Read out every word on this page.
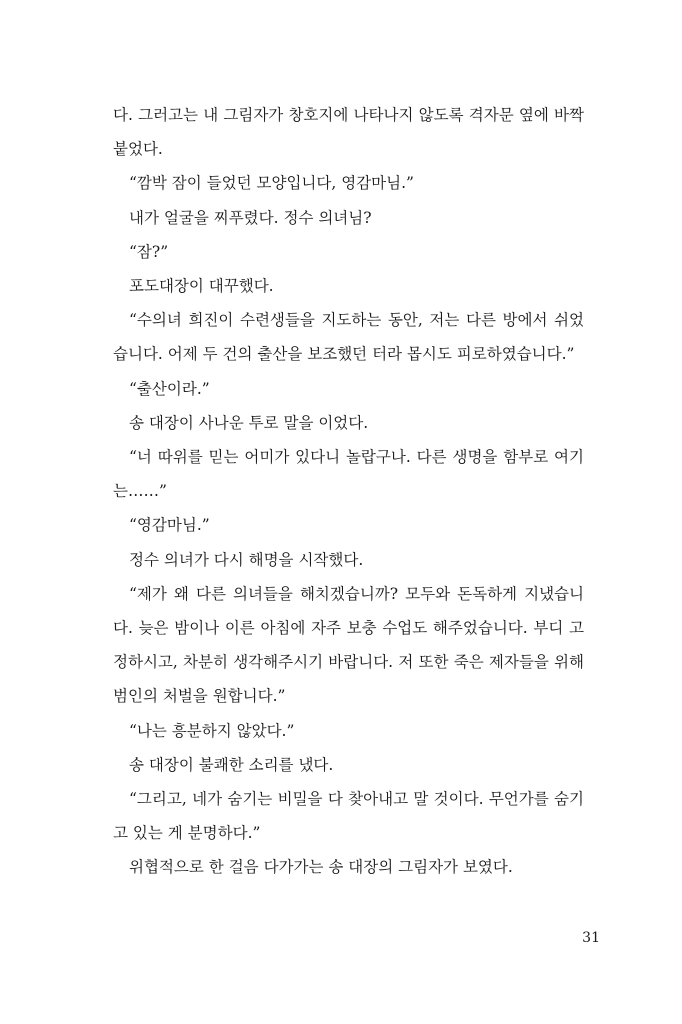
다. 그러고는 내 그림자가 창호지에 나타나지 않도록 격자문 옆에 바짝 붙었다.

“깜박 잠이 들었던 모양입니다, 영감마님.”

내가 얼굴을 찌푸렸다. 정수 의녀님?

“잠?”

포도대장이 대꾸했다.

“수의녀 희진이 수련생들을 지도하는 동안, 저는 다른 방에서 쉬었습니다. 어제 두 건의 출산을 보조했던 터라 몹시도 피로하였습니다.”

“출산이라.”

송 대장이 사나운 투로 말을 이었다.

“너 따위를 믿는 어미가 있다니 놀랍구나. 다른 생명을 함부로 여기는……”

“영감마님.”

정수 의녀가 다시 해명을 시작했다.

“제가 왜 다른 의녀들을 해치겠습니까? 모두와 돈독하게 지냈습니다. 늦은 밤이나 이른 아침에 자주 보충 수업도 해주었습니다. 부디 고정하시고, 차분히 생각해주시기 바랍니다. 저 또한 죽은 제자들을 위해 범인의 처벌을 원합니다.”

“나는 흥분하지 않았다.”

송 대장이 불쾌한 소리를 냈다.

“그리고, 네가 숨기는 비밀을 다 찾아내고 말 것이다. 무언가를 숨기고 있는 게 분명하다.”

위협적으로 한 걸음 다가가는 송 대장의 그림자가 보였다.

31
